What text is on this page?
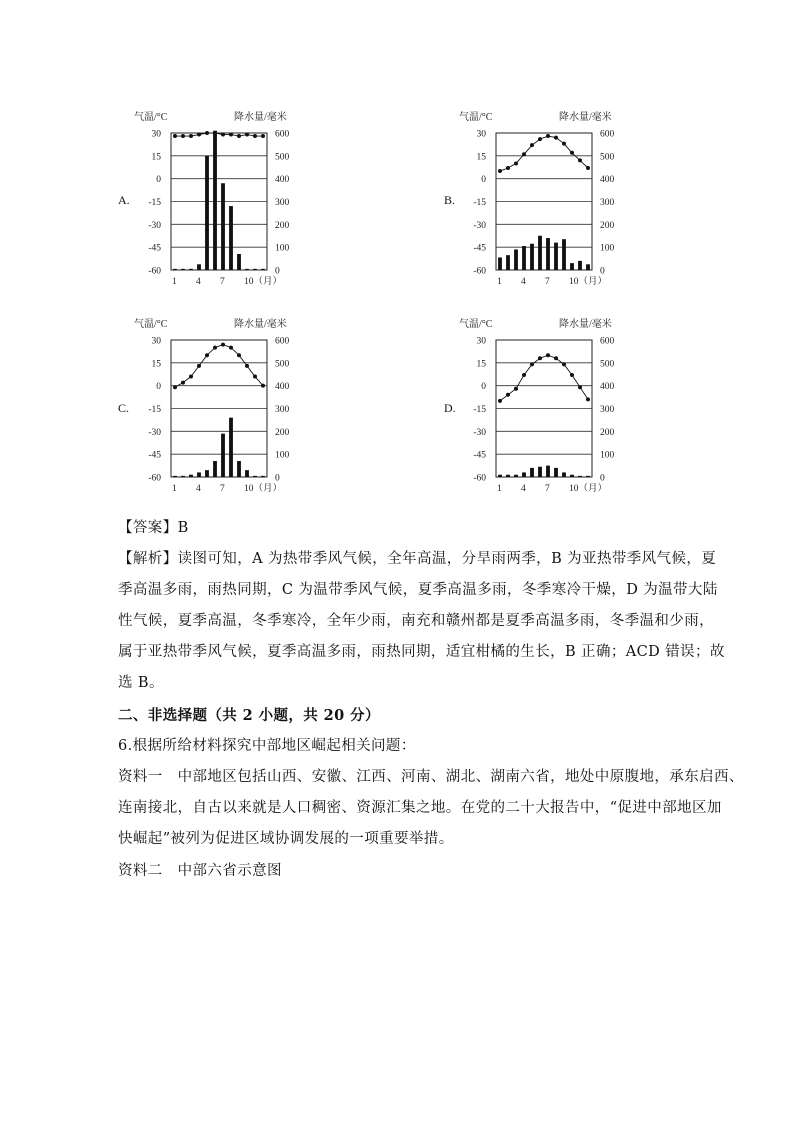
A.	B.
C.	D.
气温/°C	降水量/毫米
30	600
15	500
0	400
-15	300
-30	200
-45	100
-60	0
1 4 7 10（月）
气温/°C	降水量/毫米
30	600
15	500
0	400
-15	300
-30	200
-45	100
-60	0
1 4 7 10（月）
气温/°C	降水量/毫米
30	600
15	500
0	400
-15	300
-30	200
-45	100
-60	0
1 4 7 10（月）
气温/°C	降水量/毫米
30	600
15	500
0	400
-15	300
-30	200
-45	100
-60	0
1 4 7 10（月）
【答案】B
【解析】读图可知，A 为热带季风气候，全年高温，分旱雨两季，B 为亚热带季风气候，夏
季高温多雨，雨热同期，C 为温带季风气候，夏季高温多雨，冬季寒冷干燥，D 为温带大陆
性气候，夏季高温，冬季寒冷，全年少雨，南充和赣州都是夏季高温多雨，冬季温和少雨，
属于亚热带季风气候，夏季高温多雨，雨热同期，适宜柑橘的生长，B 正确；ACD 错误；故
选 B。
二、非选择题（共 2 小题，共 20 分）
6.根据所给材料探究中部地区崛起相关问题：
资料一　中部地区包括山西、安徽、江西、河南、湖北、湖南六省，地处中原腹地，承东启西、
连南接北，自古以来就是人口稠密、资源汇集之地。在党的二十大报告中，“促进中部地区加
快崛起”被列为促进区域协调发展的一项重要举措。
资料二　中部六省示意图
